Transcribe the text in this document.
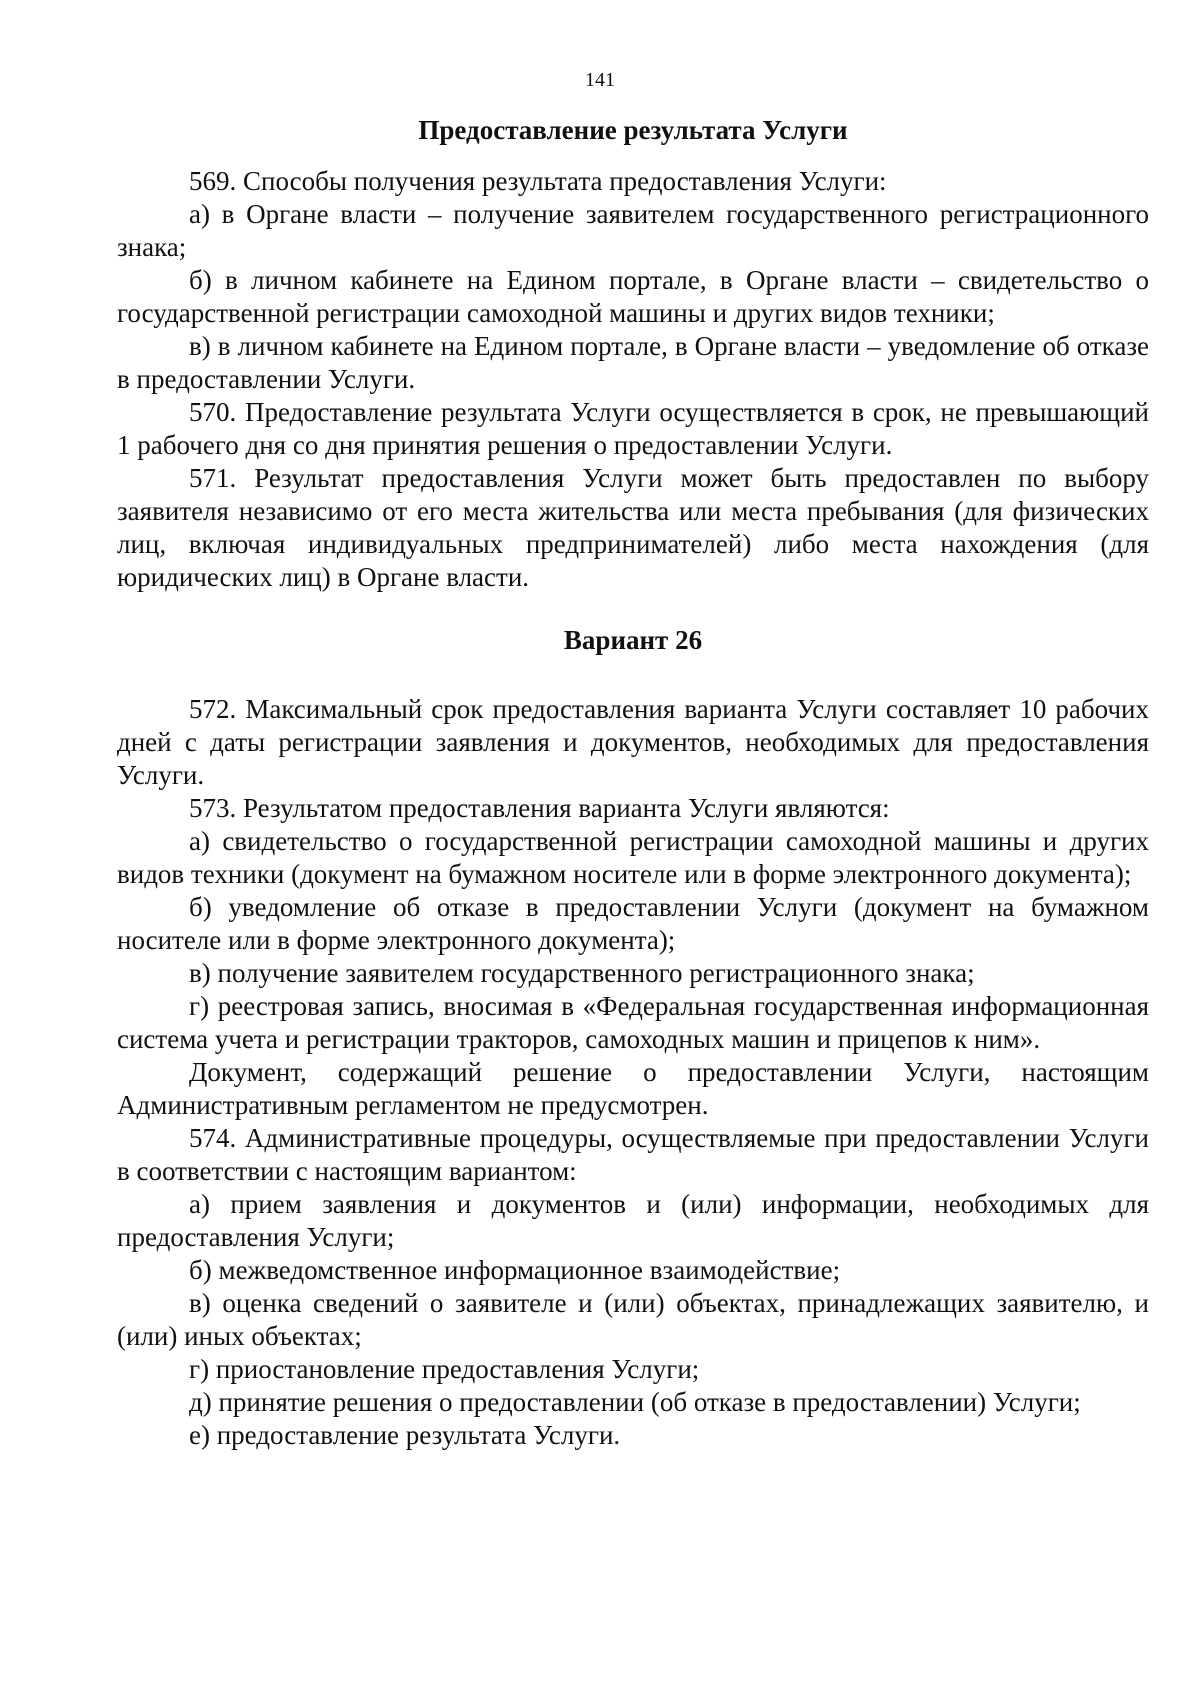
141
Предоставление результата Услуги

569. Способы получения результата предоставления Услуги:

а) в Органе власти – получение заявителем государственного регистрационного знака;

б) в личном кабинете на Едином портале, в Органе власти – свидетельство о государственной регистрации самоходной машины и других видов техники;

в) в личном кабинете на Едином портале, в Органе власти – уведомление об отказе в предоставлении Услуги.

570. Предоставление результата Услуги осуществляется в срок, не превышающий 1 рабочего дня со дня принятия решения о предоставлении Услуги.

571. Результат предоставления Услуги может быть предоставлен по выбору заявителя независимо от его места жительства или места пребывания (для физических лиц, включая индивидуальных предпринимателей) либо места нахождения (для юридических лиц) в Органе власти.

Вариант 26

572. Максимальный срок предоставления варианта Услуги составляет 10 рабочих дней с даты регистрации заявления и документов, необходимых для предоставления Услуги.

573. Результатом предоставления варианта Услуги являются:

а) свидетельство о государственной регистрации самоходной машины и других видов техники (документ на бумажном носителе или в форме электронного документа);

б) уведомление об отказе в предоставлении Услуги (документ на бумажном носителе или в форме электронного документа);

в) получение заявителем государственного регистрационного знака;

г) реестровая запись, вносимая в «Федеральная государственная информационная система учета и регистрации тракторов, самоходных машин и прицепов к ним».

Документ, содержащий решение о предоставлении Услуги, настоящим Административным регламентом не предусмотрен.

574. Административные процедуры, осуществляемые при предоставлении Услуги в соответствии с настоящим вариантом:

а) прием заявления и документов и (или) информации, необходимых для предоставления Услуги;

б) межведомственное информационное взаимодействие;

в) оценка сведений о заявителе и (или) объектах, принадлежащих заявителю, и (или) иных объектах;

г) приостановление предоставления Услуги;

д) принятие решения о предоставлении (об отказе в предоставлении) Услуги;

е) предоставление результата Услуги.
